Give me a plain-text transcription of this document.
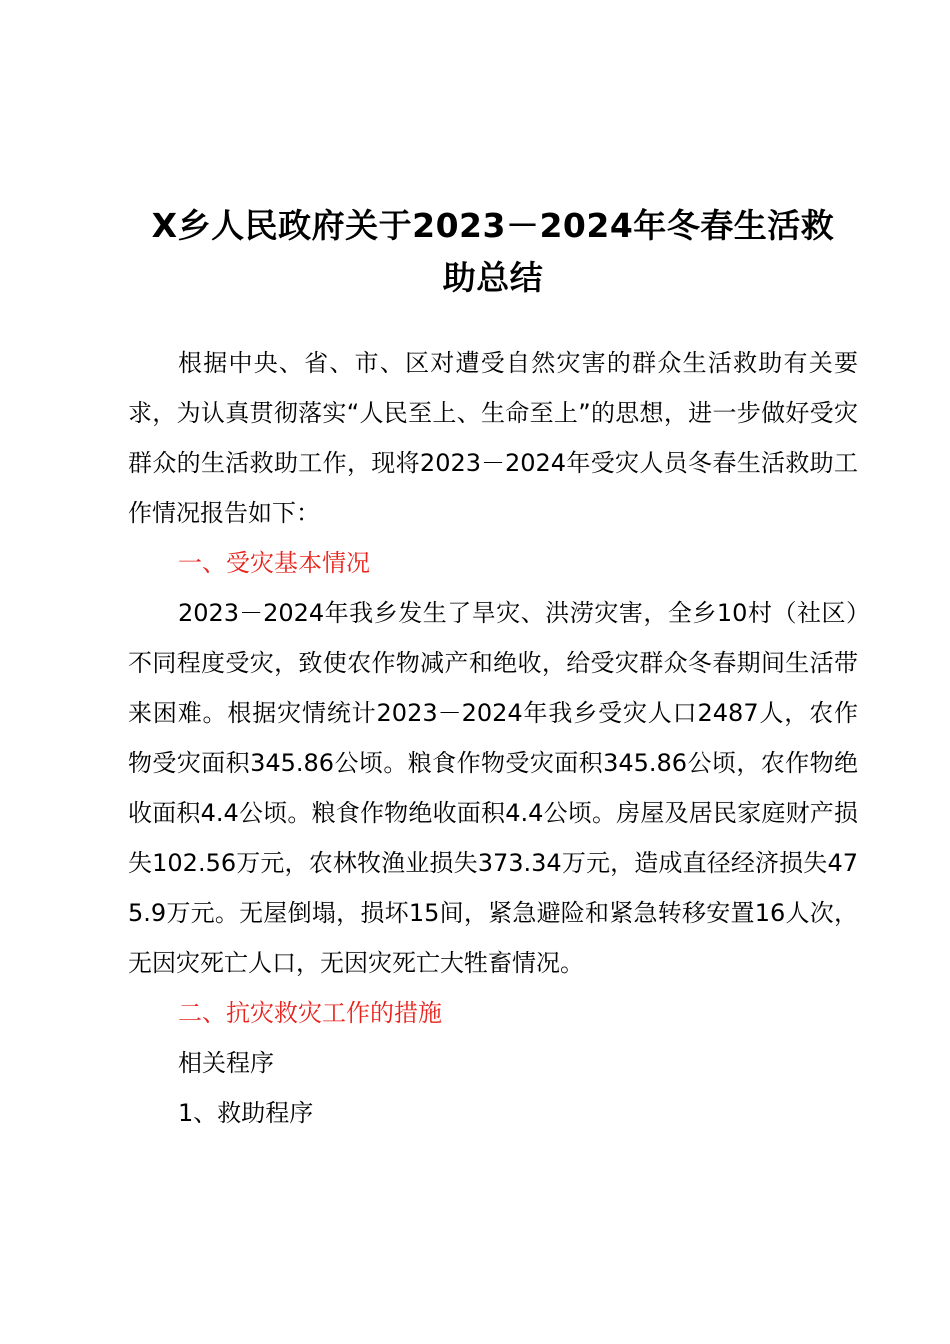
X乡人民政府关于2023－2024年冬春生活救
助总结

根据中央、省、市、区对遭受自然灾害的群众生活救助有关要求，为认真贯彻落实“人民至上、生命至上”的思想，进一步做好受灾群众的生活救助工作，现将2023－2024年受灾人员冬春生活救助工作情况报告如下：

一、受灾基本情况

2023－2024年我乡发生了旱灾、洪涝灾害，全乡10村（社区）不同程度受灾，致使农作物减产和绝收，给受灾群众冬春期间生活带来困难。根据灾情统计2023－2024年我乡受灾人口2487人，农作物受灾面积345.86公顷。粮食作物受灾面积345.86公顷，农作物绝收面积4.4公顷。粮食作物绝收面积4.4公顷。房屋及居民家庭财产损失102.56万元，农林牧渔业损失373.34万元，造成直径经济损失475.9万元。无屋倒塌，损坏15间，紧急避险和紧急转移安置16人次，无因灾死亡人口，无因灾死亡大牲畜情况。

二、抗灾救灾工作的措施

相关程序

1、救助程序
